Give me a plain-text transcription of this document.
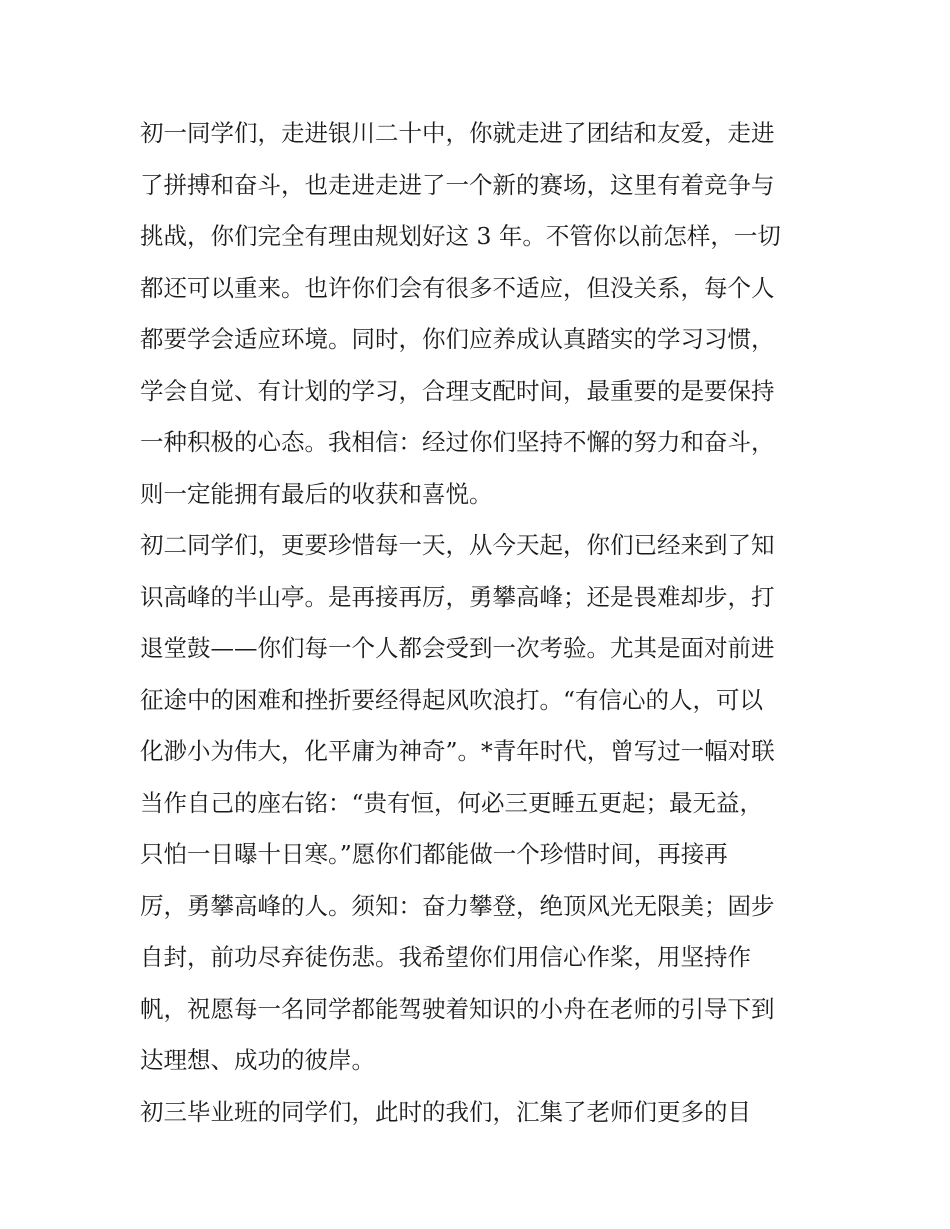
初一同学们，走进银川二十中，你就走进了团结和友爱，走进
了拼搏和奋斗，也走进走进了一个新的赛场，这里有着竞争与
挑战，你们完全有理由规划好这 3 年。不管你以前怎样，一切
都还可以重来。也许你们会有很多不适应，但没关系，每个人
都要学会适应环境。同时，你们应养成认真踏实的学习习惯，
学会自觉、有计划的学习，合理支配时间，最重要的是要保持
一种积极的心态。我相信：经过你们坚持不懈的努力和奋斗，
则一定能拥有最后的收获和喜悦。
初二同学们，更要珍惜每一天，从今天起，你们已经来到了知
识高峰的半山亭。是再接再厉，勇攀高峰；还是畏难却步，打
退堂鼓——你们每一个人都会受到一次考验。尤其是面对前进
征途中的困难和挫折要经得起风吹浪打。“有信心的人，可以
化渺小为伟大，化平庸为神奇”。*青年时代，曾写过一幅对联
当作自己的座右铭：“贵有恒，何必三更睡五更起；最无益，
只怕一日曝十日寒。”愿你们都能做一个珍惜时间，再接再
厉，勇攀高峰的人。须知：奋力攀登，绝顶风光无限美；固步
自封，前功尽弃徒伤悲。我希望你们用信心作桨，用坚持作
帆，祝愿每一名同学都能驾驶着知识的小舟在老师的引导下到
达理想、成功的彼岸。
初三毕业班的同学们，此时的我们，汇集了老师们更多的目
